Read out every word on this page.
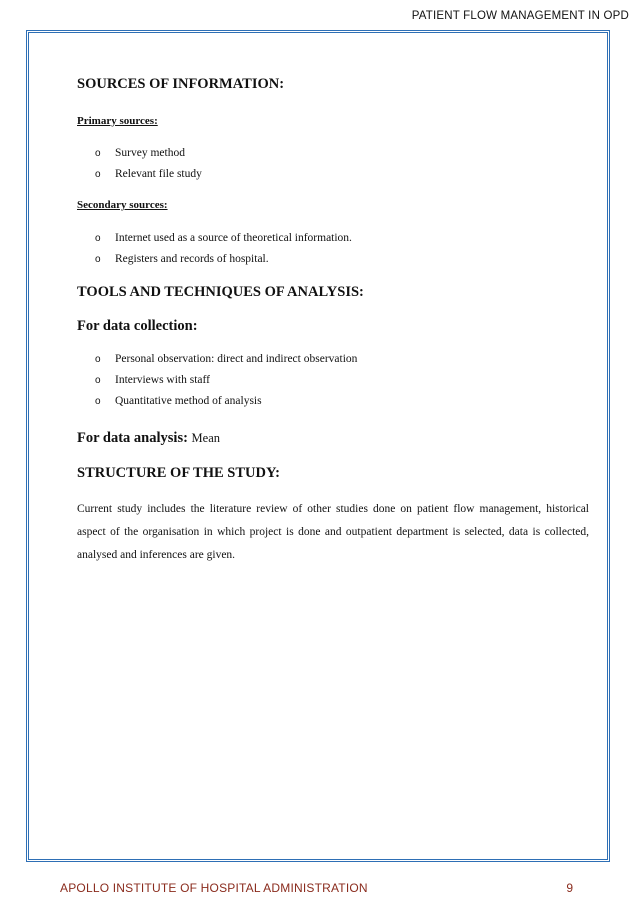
PATIENT FLOW MANAGEMENT IN OPD

SOURCES OF INFORMATION:

Primary sources:

o Survey method
o Relevant file study

Secondary sources:

o Internet used as a source of theoretical information.
o Registers and records of hospital.

TOOLS AND TECHNIQUES OF ANALYSIS:

For data collection:

o Personal observation: direct and indirect observation
o Interviews with staff
o Quantitative method of analysis

For data analysis: Mean

STRUCTURE OF THE STUDY:

Current study includes the literature review of other studies done on patient flow management, historical aspect of the organisation in which project is done and outpatient department is selected, data is collected, analysed and inferences are given.

APOLLO INSTITUTE OF HOSPITAL ADMINISTRATION	9
